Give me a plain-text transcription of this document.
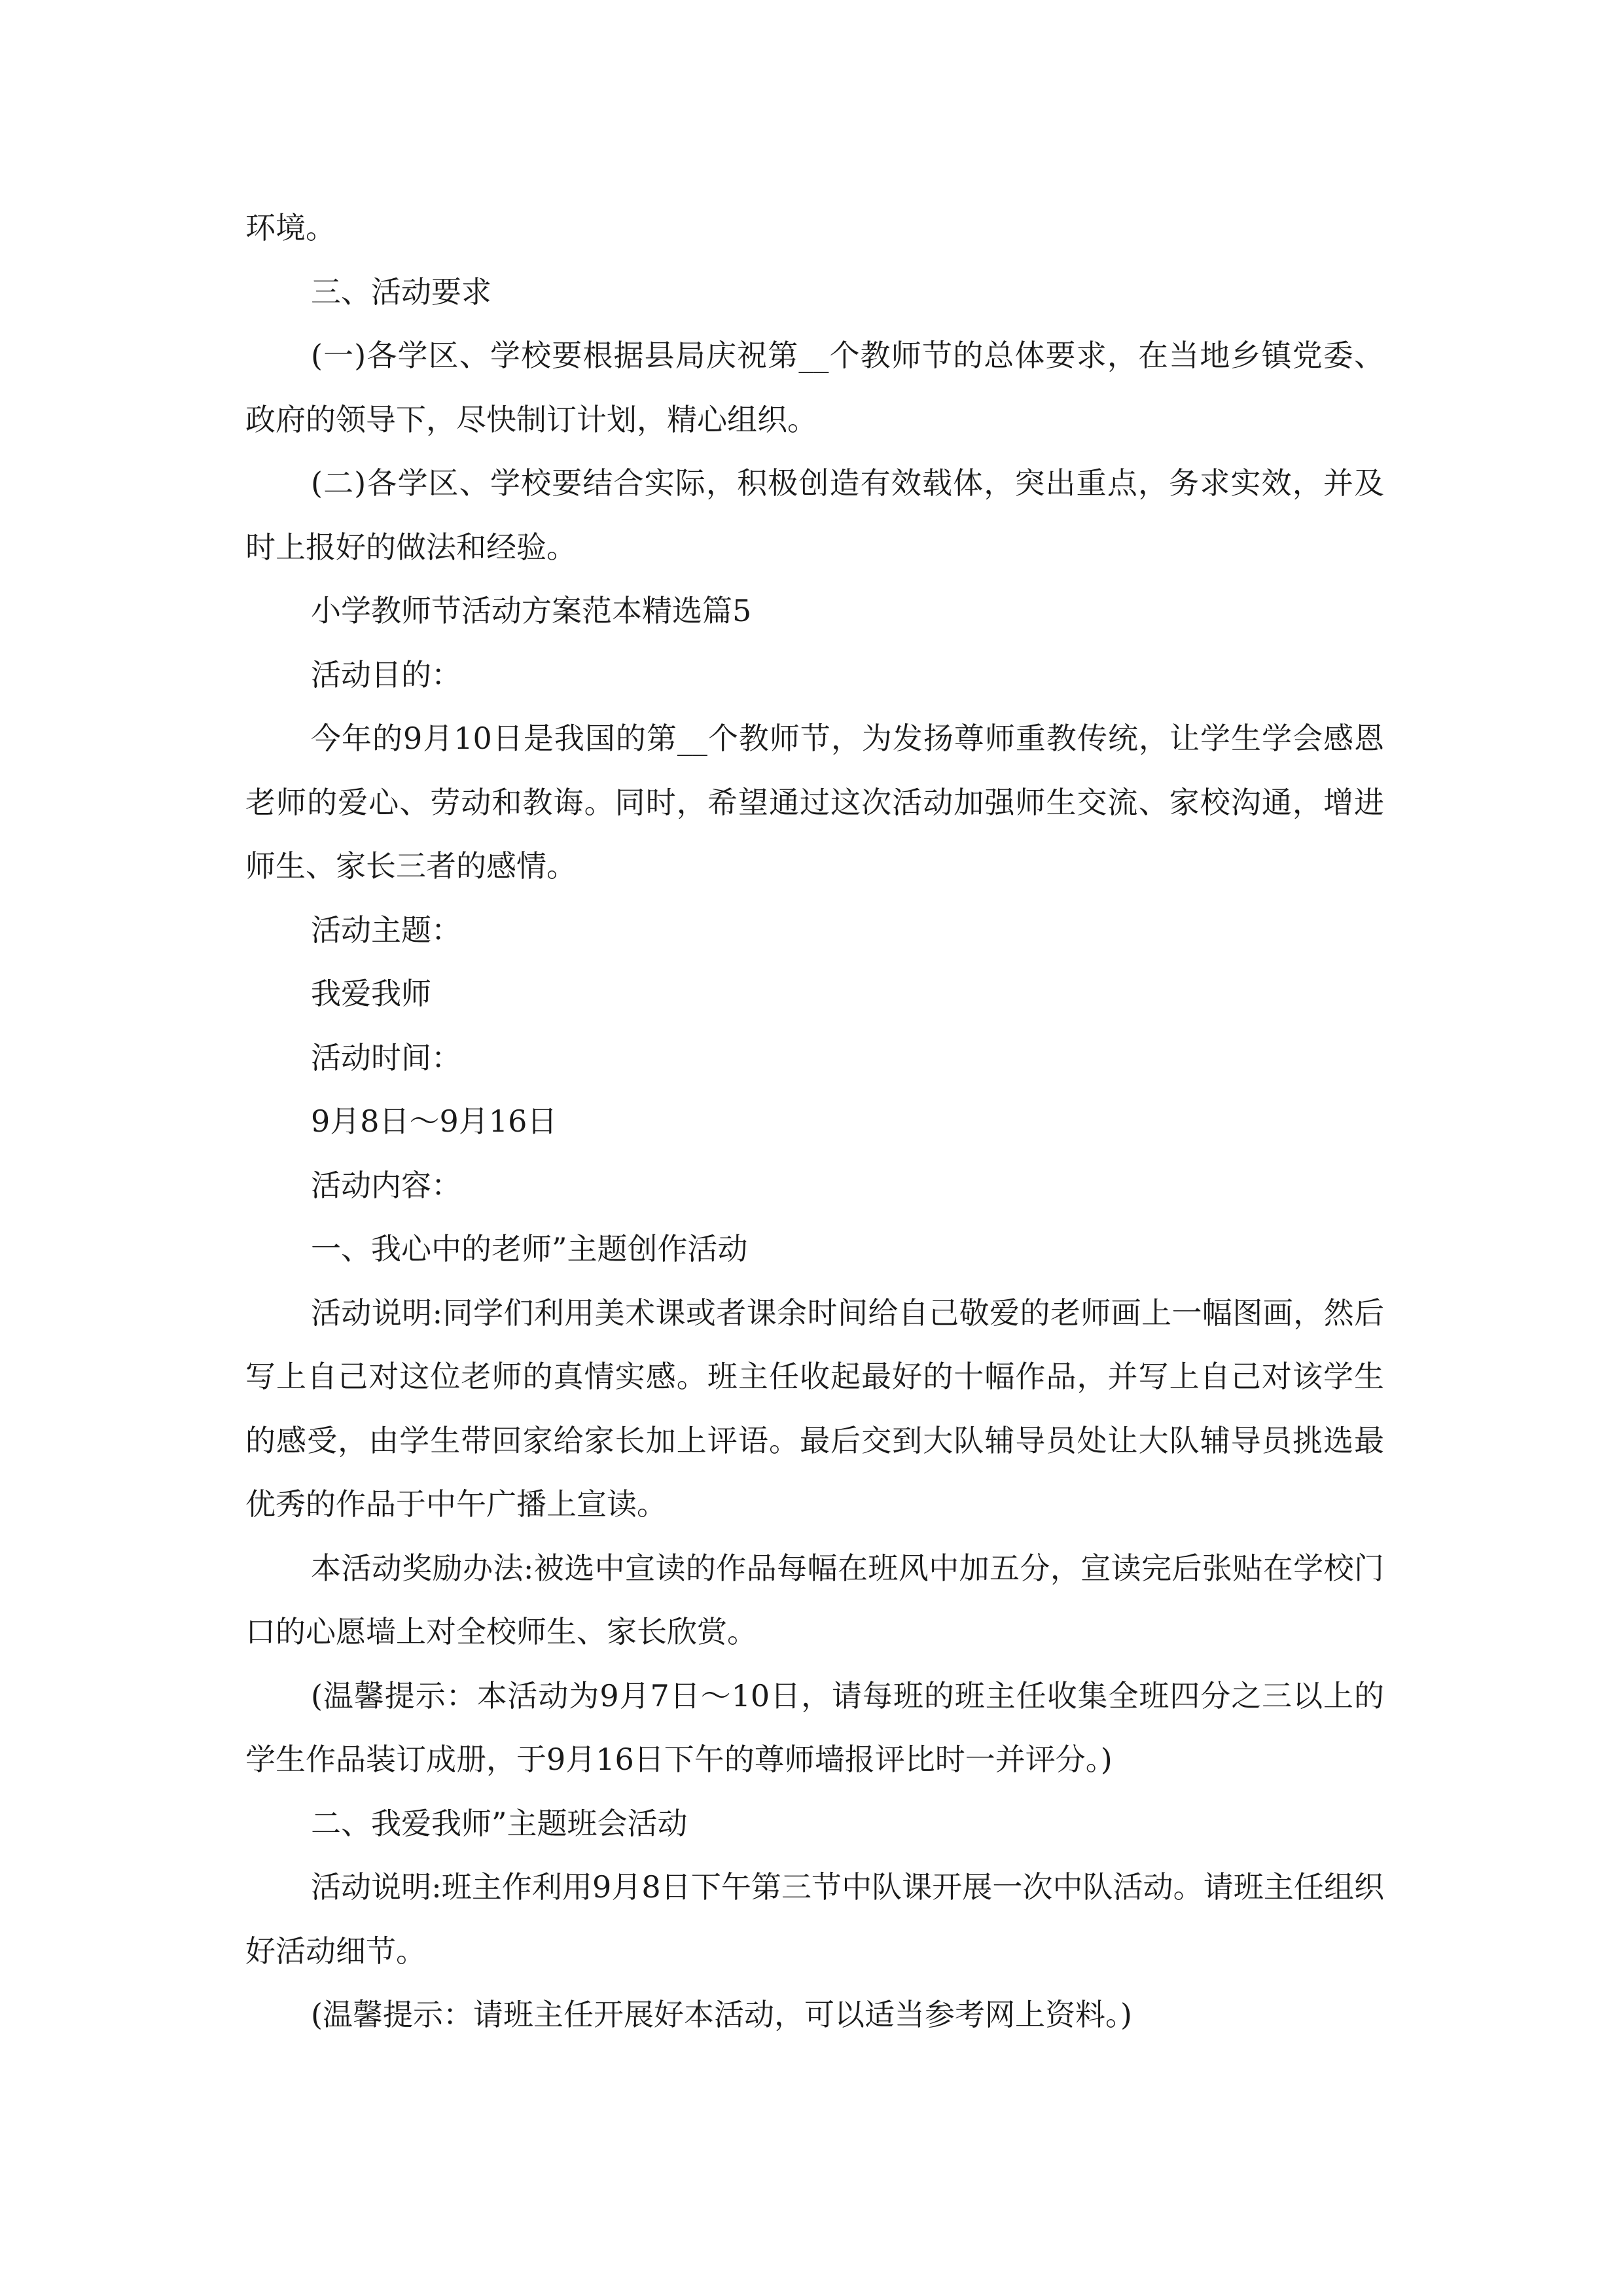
环境。

三、活动要求

(一)各学区、学校要根据县局庆祝第__个教师节的总体要求，在当地乡镇党委、政府的领导下，尽快制订计划，精心组织。

(二)各学区、学校要结合实际，积极创造有效载体，突出重点，务求实效，并及时上报好的做法和经验。

小学教师节活动方案范本精选篇5

活动目的：

今年的9月10日是我国的第__个教师节，为发扬尊师重教传统，让学生学会感恩老师的爱心、劳动和教诲。同时，希望通过这次活动加强师生交流、家校沟通，增进师生、家长三者的感情。

活动主题：

我爱我师

活动时间：

9月8日～9月16日

活动内容：

一、我心中的老师”主题创作活动

活动说明:同学们利用美术课或者课余时间给自己敬爱的老师画上一幅图画，然后写上自己对这位老师的真情实感。班主任收起最好的十幅作品，并写上自己对该学生的感受，由学生带回家给家长加上评语。最后交到大队辅导员处让大队辅导员挑选最优秀的作品于中午广播上宣读。

本活动奖励办法:被选中宣读的作品每幅在班风中加五分，宣读完后张贴在学校门口的心愿墙上对全校师生、家长欣赏。

(温馨提示：本活动为9月7日～10日，请每班的班主任收集全班四分之三以上的学生作品装订成册，于9月16日下午的尊师墙报评比时一并评分。)

二、我爱我师”主题班会活动

活动说明:班主作利用9月8日下午第三节中队课开展一次中队活动。请班主任组织好活动细节。

(温馨提示：请班主任开展好本活动，可以适当参考网上资料。)
